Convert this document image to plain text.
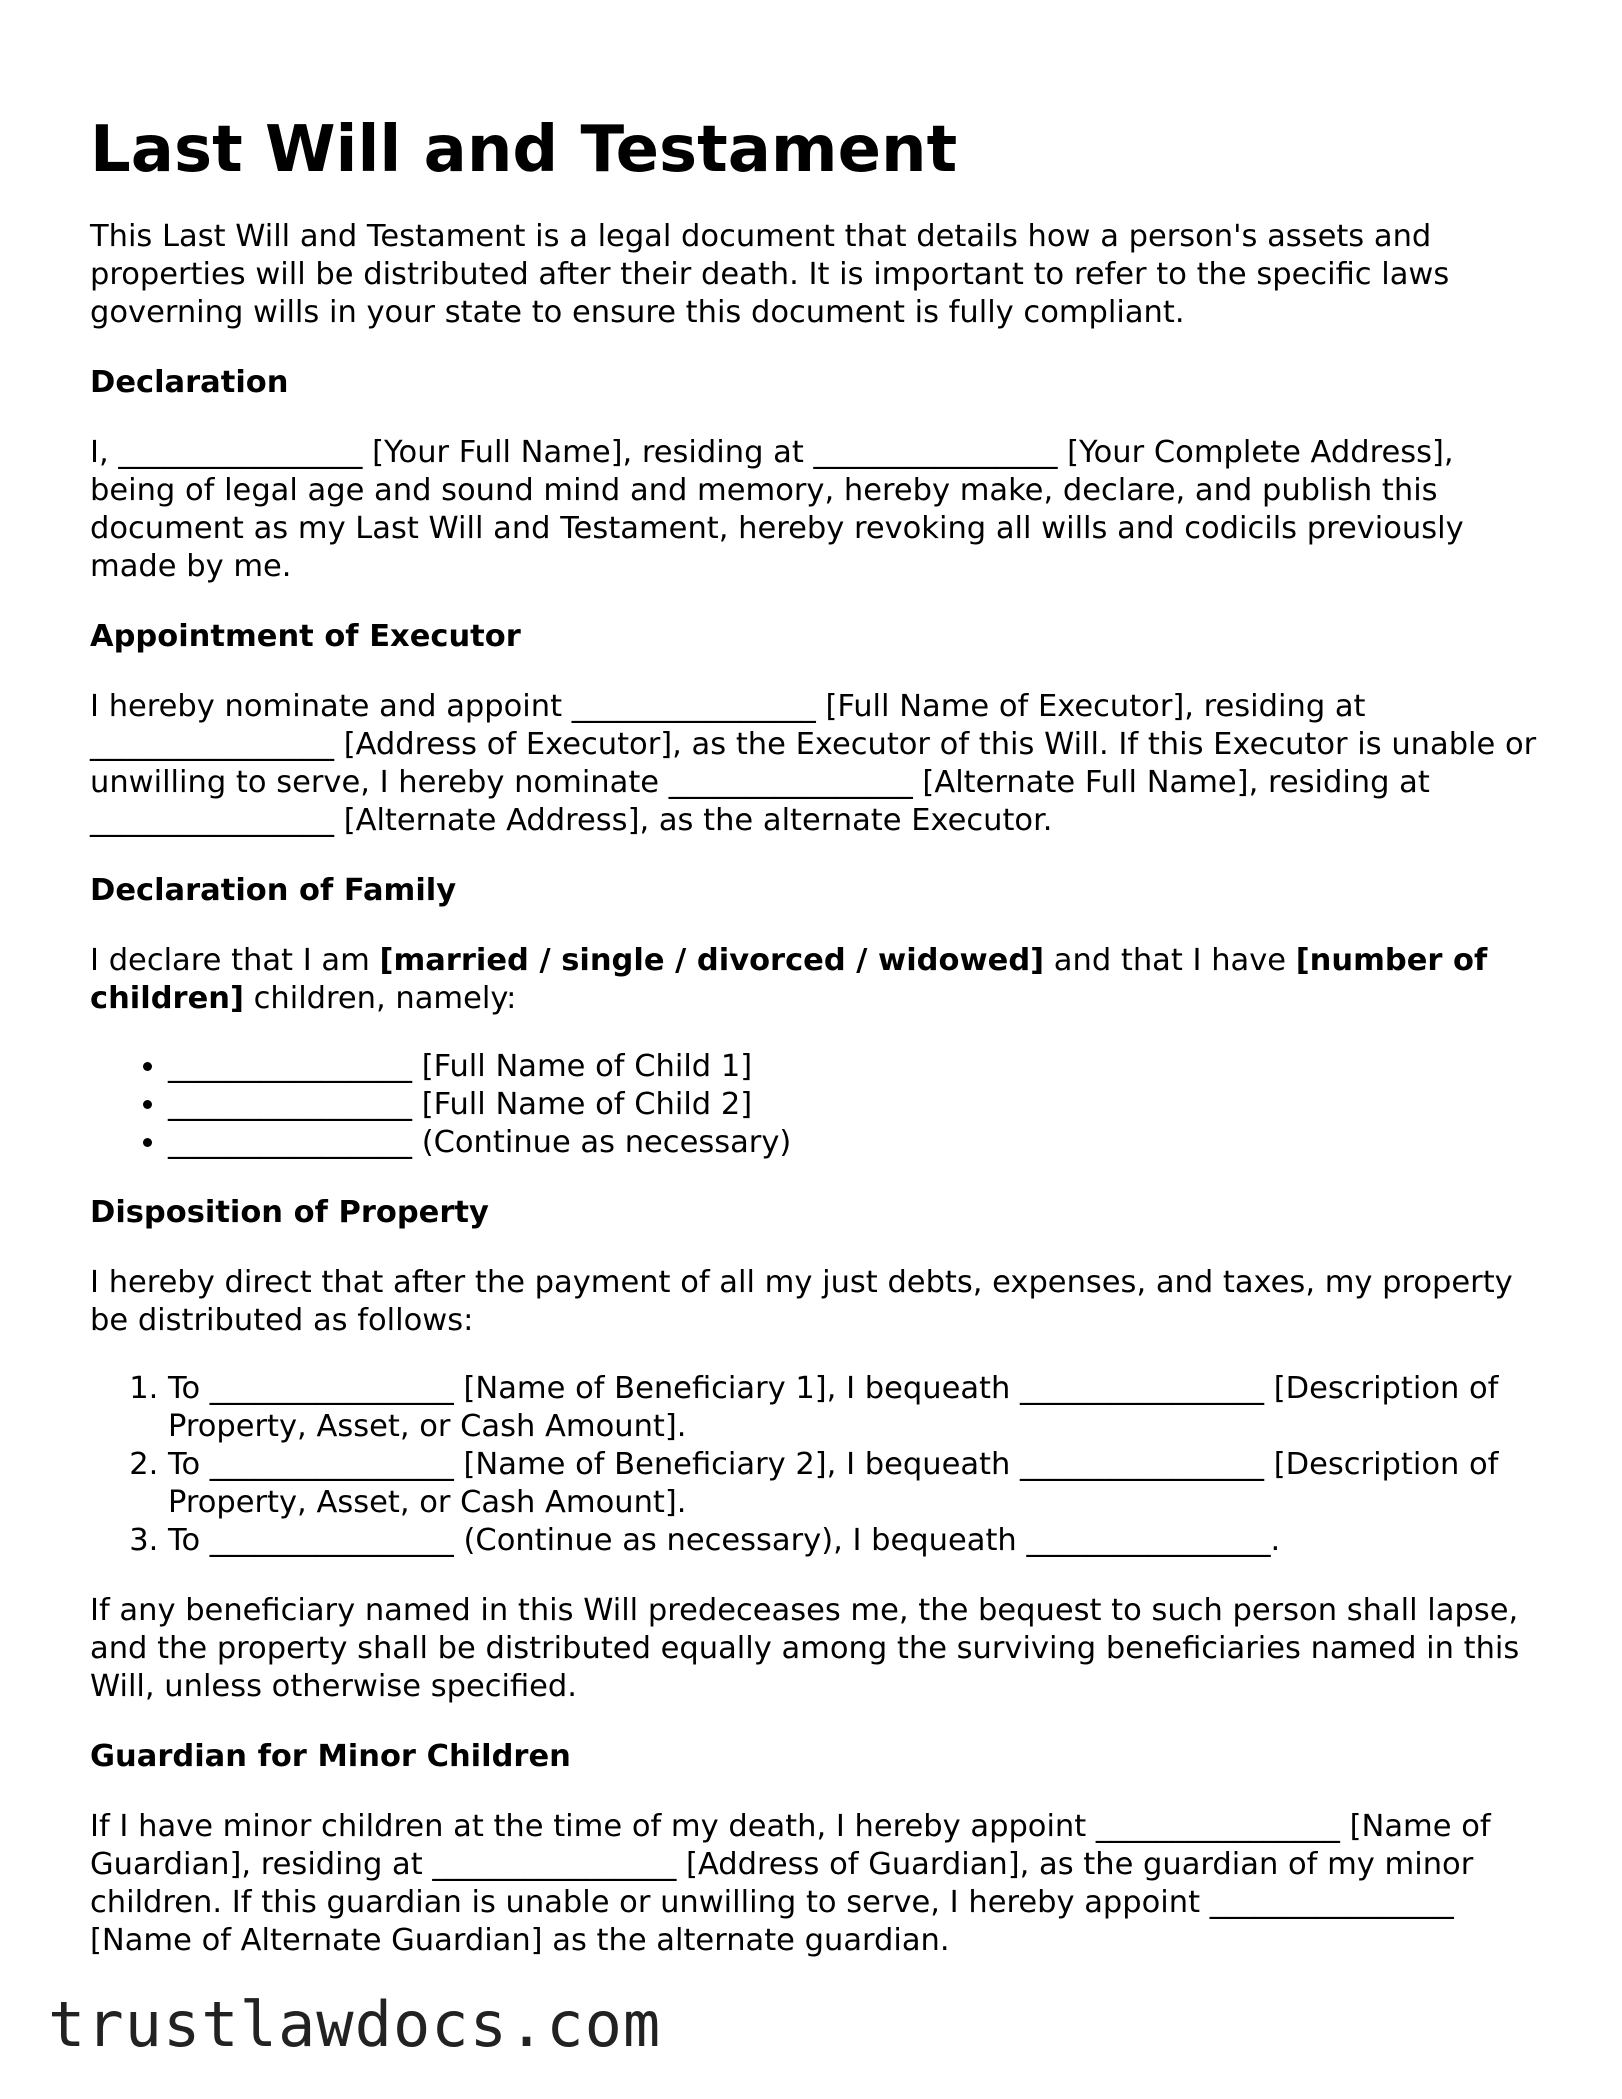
Last Will and Testament

This Last Will and Testament is a legal document that details how a person's assets and properties will be distributed after their death. It is important to refer to the specific laws governing wills in your state to ensure this document is fully compliant.

Declaration

I, ________________ [Your Full Name], residing at ________________ [Your Complete Address], being of legal age and sound mind and memory, hereby make, declare, and publish this document as my Last Will and Testament, hereby revoking all wills and codicils previously made by me.

Appointment of Executor

I hereby nominate and appoint ________________ [Full Name of Executor], residing at ________________ [Address of Executor], as the Executor of this Will. If this Executor is unable or unwilling to serve, I hereby nominate ________________ [Alternate Full Name], residing at ________________ [Alternate Address], as the alternate Executor.

Declaration of Family

I declare that I am [married / single / divorced / widowed] and that I have [number of children] children, namely:

• ________________ [Full Name of Child 1]
• ________________ [Full Name of Child 2]
• ________________ (Continue as necessary)
Disposition of Property

I hereby direct that after the payment of all my just debts, expenses, and taxes, my property be distributed as follows:

1. To ________________ [Name of Beneficiary 1], I bequeath ________________ [Description of Property, Asset, or Cash Amount].
2. To ________________ [Name of Beneficiary 2], I bequeath ________________ [Description of Property, Asset, or Cash Amount].
3. To ________________ (Continue as necessary), I bequeath ________________.

If any beneficiary named in this Will predeceases me, the bequest to such person shall lapse, and the property shall be distributed equally among the surviving beneficiaries named in this Will, unless otherwise specified.

Guardian for Minor Children

If I have minor children at the time of my death, I hereby appoint ________________ [Name of Guardian], residing at ________________ [Address of Guardian], as the guardian of my minor children. If this guardian is unable or unwilling to serve, I hereby appoint ________________ [Name of Alternate Guardian] as the alternate guardian.

trustlawdocs.com
